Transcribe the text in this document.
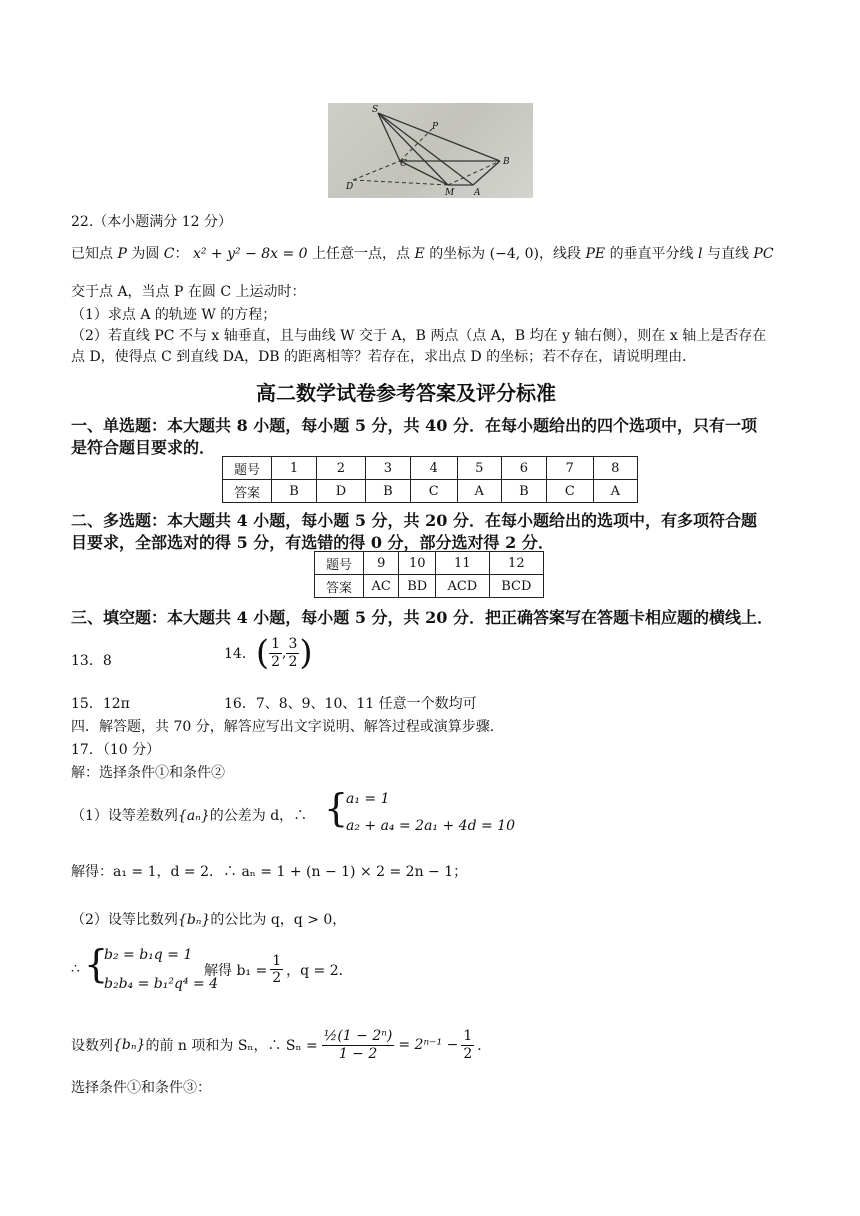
S
P
C	B
D
M A
22.（本小题满分 12 分）
已知点 P 为圆 C： x² + y² − 8x = 0 上任意一点，点 E 的坐标为 (−4, 0)，线段 PE 的垂直平分线 l 与直线 PC
交于点 A，当点 P 在圆 C 上运动时：
（1）求点 A 的轨迹 W 的方程；
（2）若直线 PC 不与 x 轴垂直，且与曲线 W 交于 A，B 两点（点 A，B 均在 y 轴右侧），则在 x 轴上是否存在
点 D，使得点 C 到直线 DA，DB 的距离相等？若存在，求出点 D 的坐标；若不存在，请说明理由．
高二数学试卷参考答案及评分标准
一、单选题：本大题共 8 小题，每小题 5 分，共 40 分．在每小题给出的四个选项中，只有一项
是符合题目要求的．
题号	1	2	3	4	5	6	7	8
答案	B	D	B	C	A	B	C	A
二、多选题：本大题共 4 小题，每小题 5 分，共 20 分．在每小题给出的选项中，有多项符合题
目要求，全部选对的得 5 分，有选错的得 0 分，部分选对得 2 分．
题号	9	10	11	12
答案	AC	BD	ACD	BCD
三、填空题：本大题共 4 小题，每小题 5 分，共 20 分．把正确答案写在答题卡相应题的横线上．
13．8	14． ( $\frac{1}{2}$ , $\frac{3}{2}$ )
15．12π	16．7、8、9、10、11 任意一个数均可
四．解答题，共 70 分，解答应写出文字说明、解答过程或演算步骤．
17．（10 分）
解：选择条件①和条件②
（1）设等差数列{aₙ}的公差为 d，∴ {
a₁ = 1
a₂ + a₄ = 2a₁ + 4d = 10
解得：a₁ = 1，d = 2．∴ aₙ = 1 + (n − 1) × 2 = 2n − 1；
（2）设等比数列{bₙ}的公比为 q，q > 0，
∴ {
b₂ = b₁q = 1
b₂b₄ = b₁²q⁴ = 4
解得 $b_1 = \frac{1}{2}$ ，q = 2．
设数列 {bₙ} 的前 n 项和为 Sₙ，∴ $S_n = \frac{\text{½(1 − 2ⁿ)}}{1 - 2} = 2^{n-1} - \frac{1}{2}$ ．
选择条件①和条件③：
